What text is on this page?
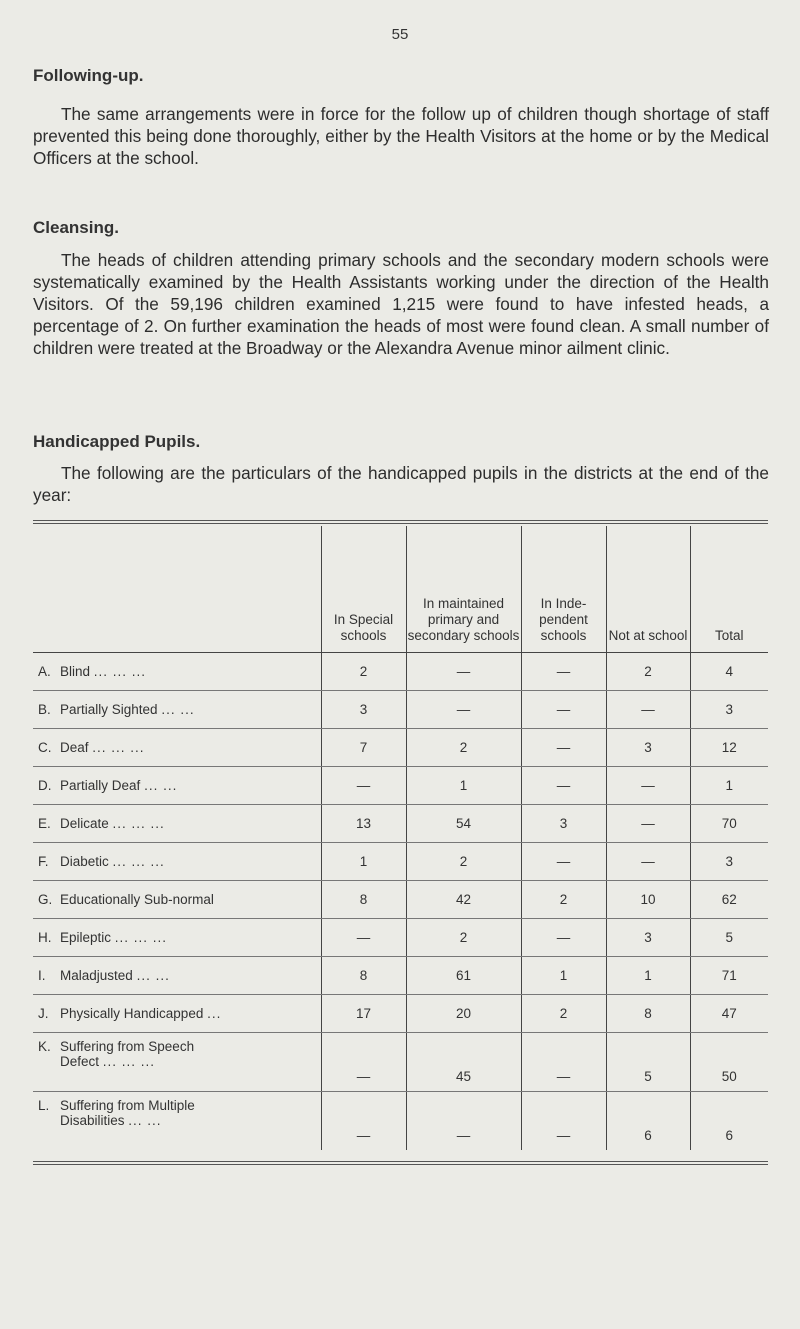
55
Following-up.

The same arrangements were in force for the follow up of children though shortage of staff prevented this being done thoroughly, either by the Health Visitors at the home or by the Medical Officers at the school.

Cleansing.

The heads of children attending primary schools and the secondary modern schools were systematically examined by the Health Assistants working under the direction of the Health Visitors. Of the 59,196 children examined 1,215 were found to have infested heads, a percentage of 2. On further examination the heads of most were found clean. A small number of children were treated at the Broadway or the Alexandra Avenue minor ailment clinic.

Handicapped Pupils.

The following are the particulars of the handicapped pupils in the districts at the end of the year:

	In Special schools	In maintained primary and secondary schools	In Inde- pendent schools	Not at school	Total

A. Blind ... ... ...	2	—	—	2	4

B. Partially Sighted ... ...	3	—	—	—	3

C. Deaf ... ... ...	7	2	—	3	12

D. Partially Deaf ... ...	—	1	—	—	1

E. Delicate ... ... ...	13	54	3	—	70

F. Diabetic ... ... ...	1	2	—	—	3

G. Educationally Sub-normal	8	42	2	10	62

H. Epileptic ... ... ...	—	2	—	3	5

I. Maladjusted ... ...	8	61	1	1	71

J. Physically Handicapped ...	17	20	2	8	47

K. Suffering from Speech
Defect ... ... ...	—	45	—	5	50

L. Suffering from Multiple
Disabilities ... ...	—	—	—	6	6
